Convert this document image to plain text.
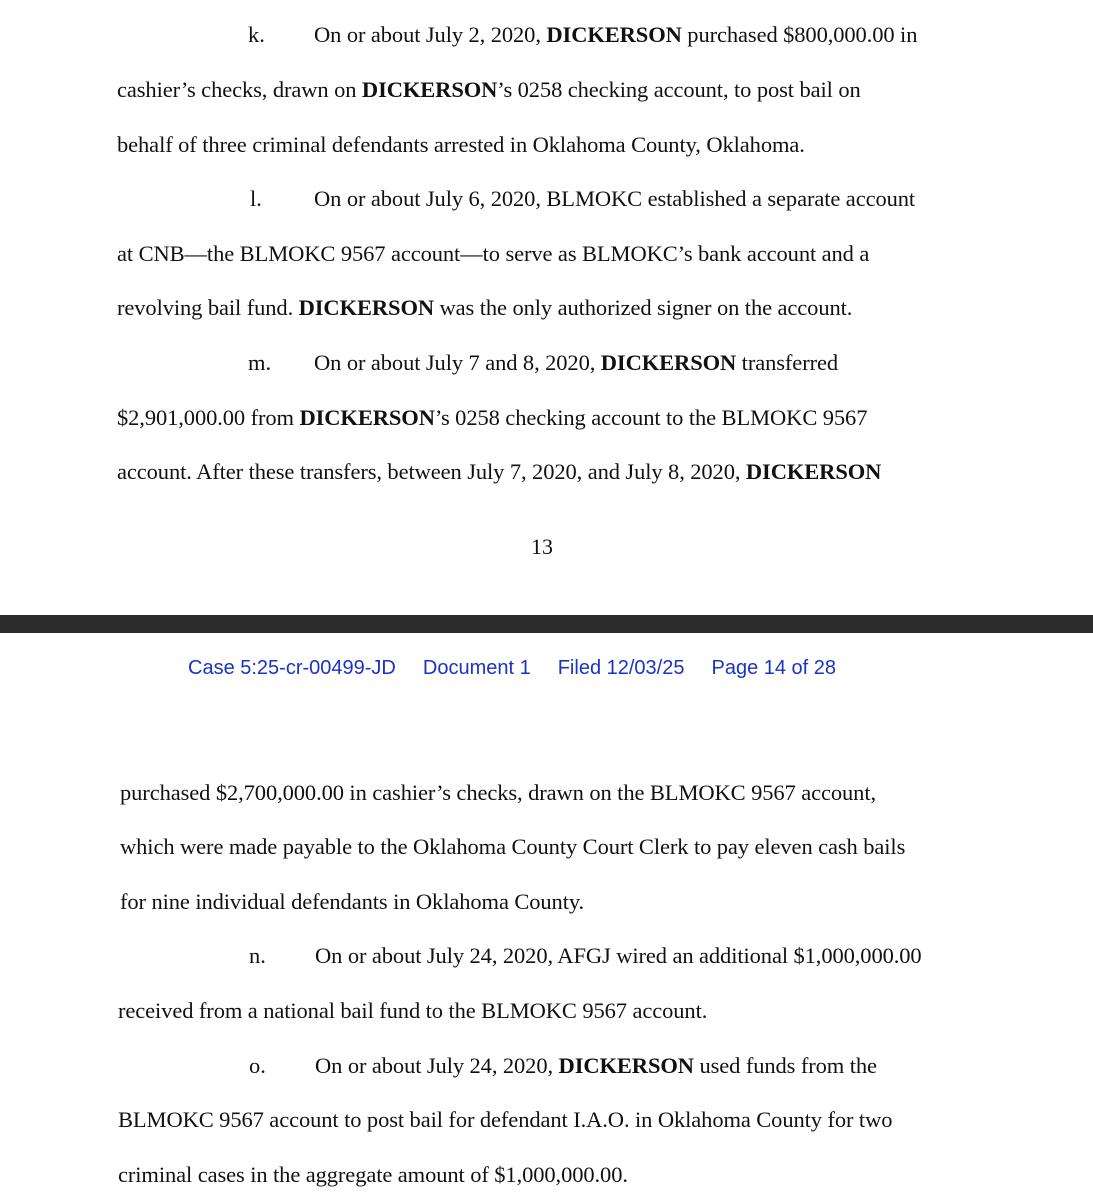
k. On or about July 2, 2020, DICKERSON purchased $800,000.00 in
cashier’s checks, drawn on DICKERSON’s 0258 checking account, to post bail on
behalf of three criminal defendants arrested in Oklahoma County, Oklahoma.
l. On or about July 6, 2020, BLMOKC established a separate account
at CNB—the BLMOKC 9567 account—to serve as BLMOKC’s bank account and a
revolving bail fund. DICKERSON was the only authorized signer on the account.
m. On or about July 7 and 8, 2020, DICKERSON transferred
$2,901,000.00 from DICKERSON’s 0258 checking account to the BLMOKC 9567
account. After these transfers, between July 7, 2020, and July 8, 2020, DICKERSON
13
Case 5:25-cr-00499-JD Document 1 Filed 12/03/25 Page 14 of 28
purchased $2,700,000.00 in cashier’s checks, drawn on the BLMOKC 9567 account,
which were made payable to the Oklahoma County Court Clerk to pay eleven cash bails
for nine individual defendants in Oklahoma County.
n. On or about July 24, 2020, AFGJ wired an additional $1,000,000.00
received from a national bail fund to the BLMOKC 9567 account.
o. On or about July 24, 2020, DICKERSON used funds from the
BLMOKC 9567 account to post bail for defendant I.A.O. in Oklahoma County for two
criminal cases in the aggregate amount of $1,000,000.00.
